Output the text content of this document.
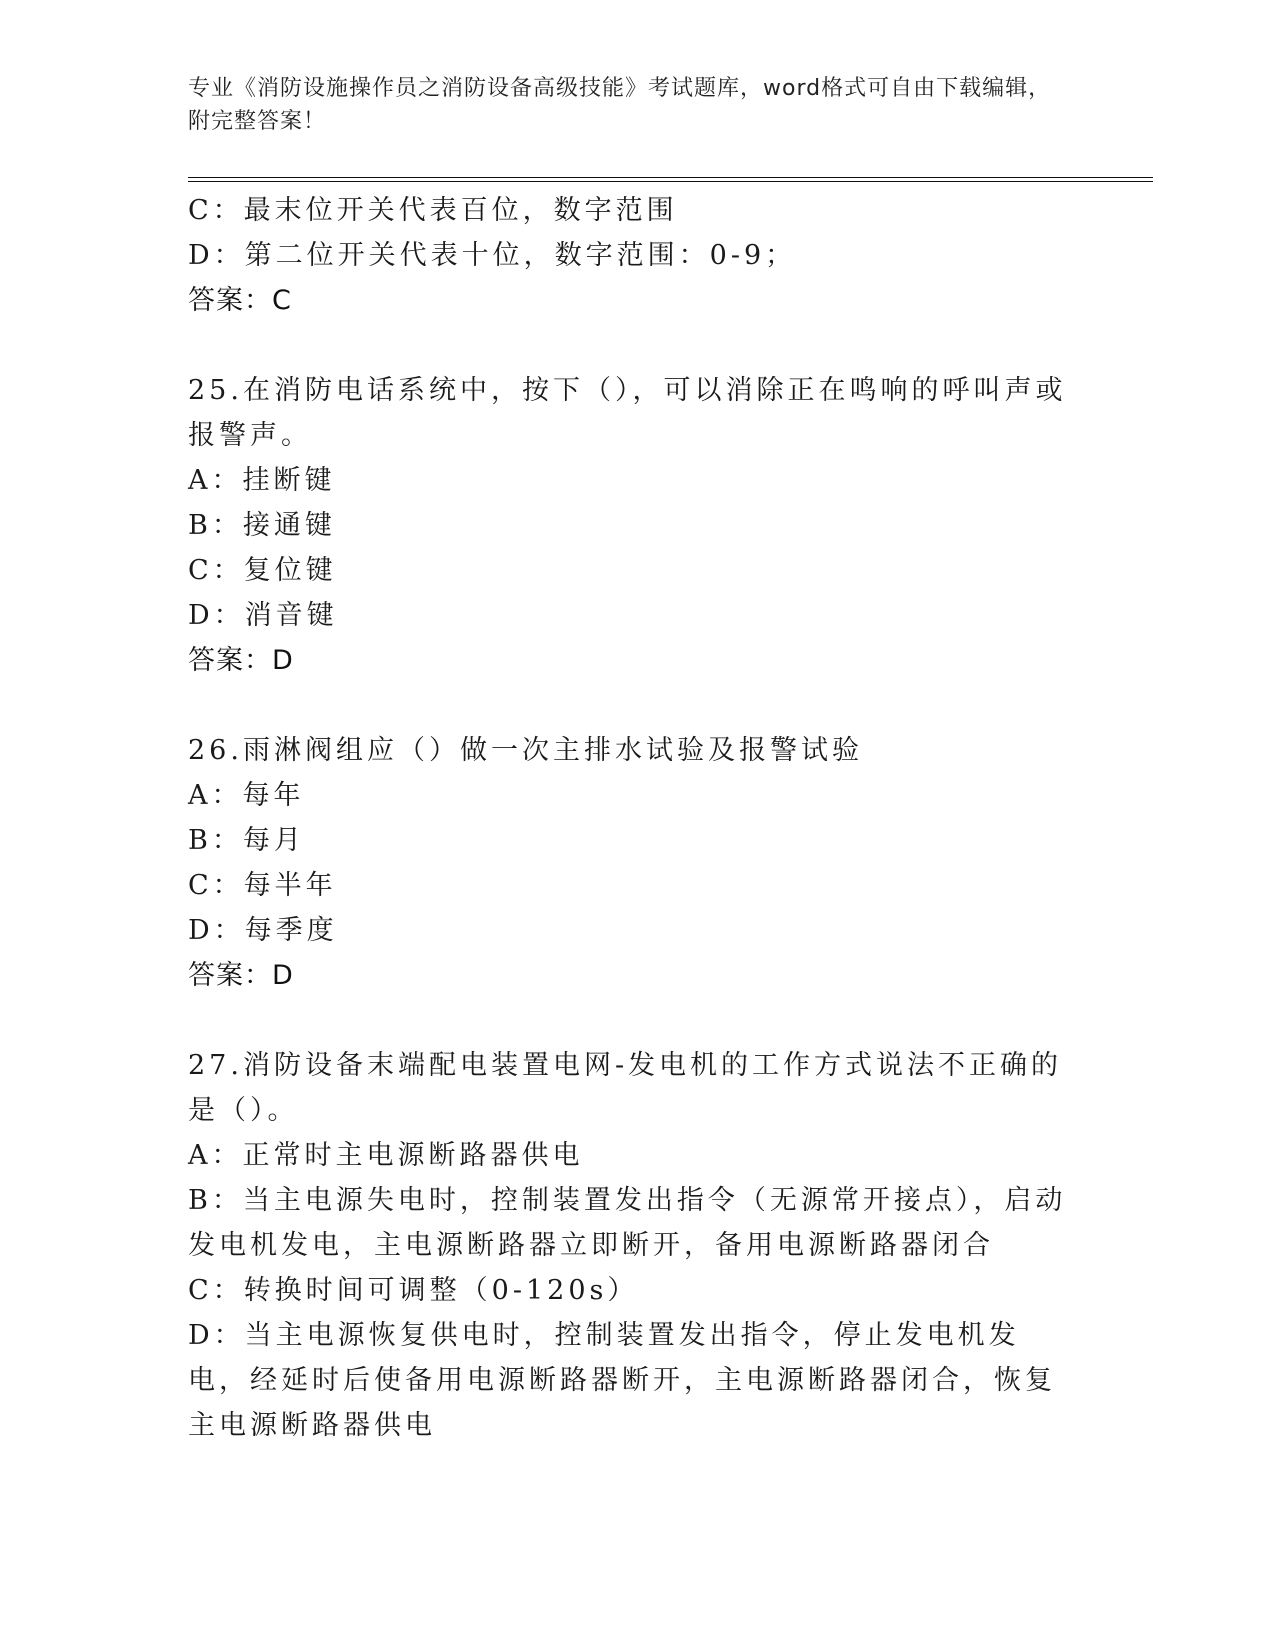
专业《消防设施操作员之消防设备高级技能》考试题库，word格式可自由下载编辑，附完整答案！
C：最末位开关代表百位，数字范围
D：第二位开关代表十位，数字范围：0-9；
答案：C
25.在消防电话系统中，按下（），可以消除正在鸣响的呼叫声或报警声。
A：挂断键
B：接通键
C：复位键
D：消音键
答案：D
26.雨淋阀组应（）做一次主排水试验及报警试验
A：每年
B：每月
C：每半年
D：每季度
答案：D
27.消防设备末端配电装置电网-发电机的工作方式说法不正确的是（）。
A：正常时主电源断路器供电
B：当主电源失电时，控制装置发出指令（无源常开接点），启动发电机发电，主电源断路器立即断开，备用电源断路器闭合
C：转换时间可调整（0-120s）
D：当主电源恢复供电时，控制装置发出指令，停止发电机发电，经延时后使备用电源断路器断开，主电源断路器闭合，恢复主电源断路器供电
